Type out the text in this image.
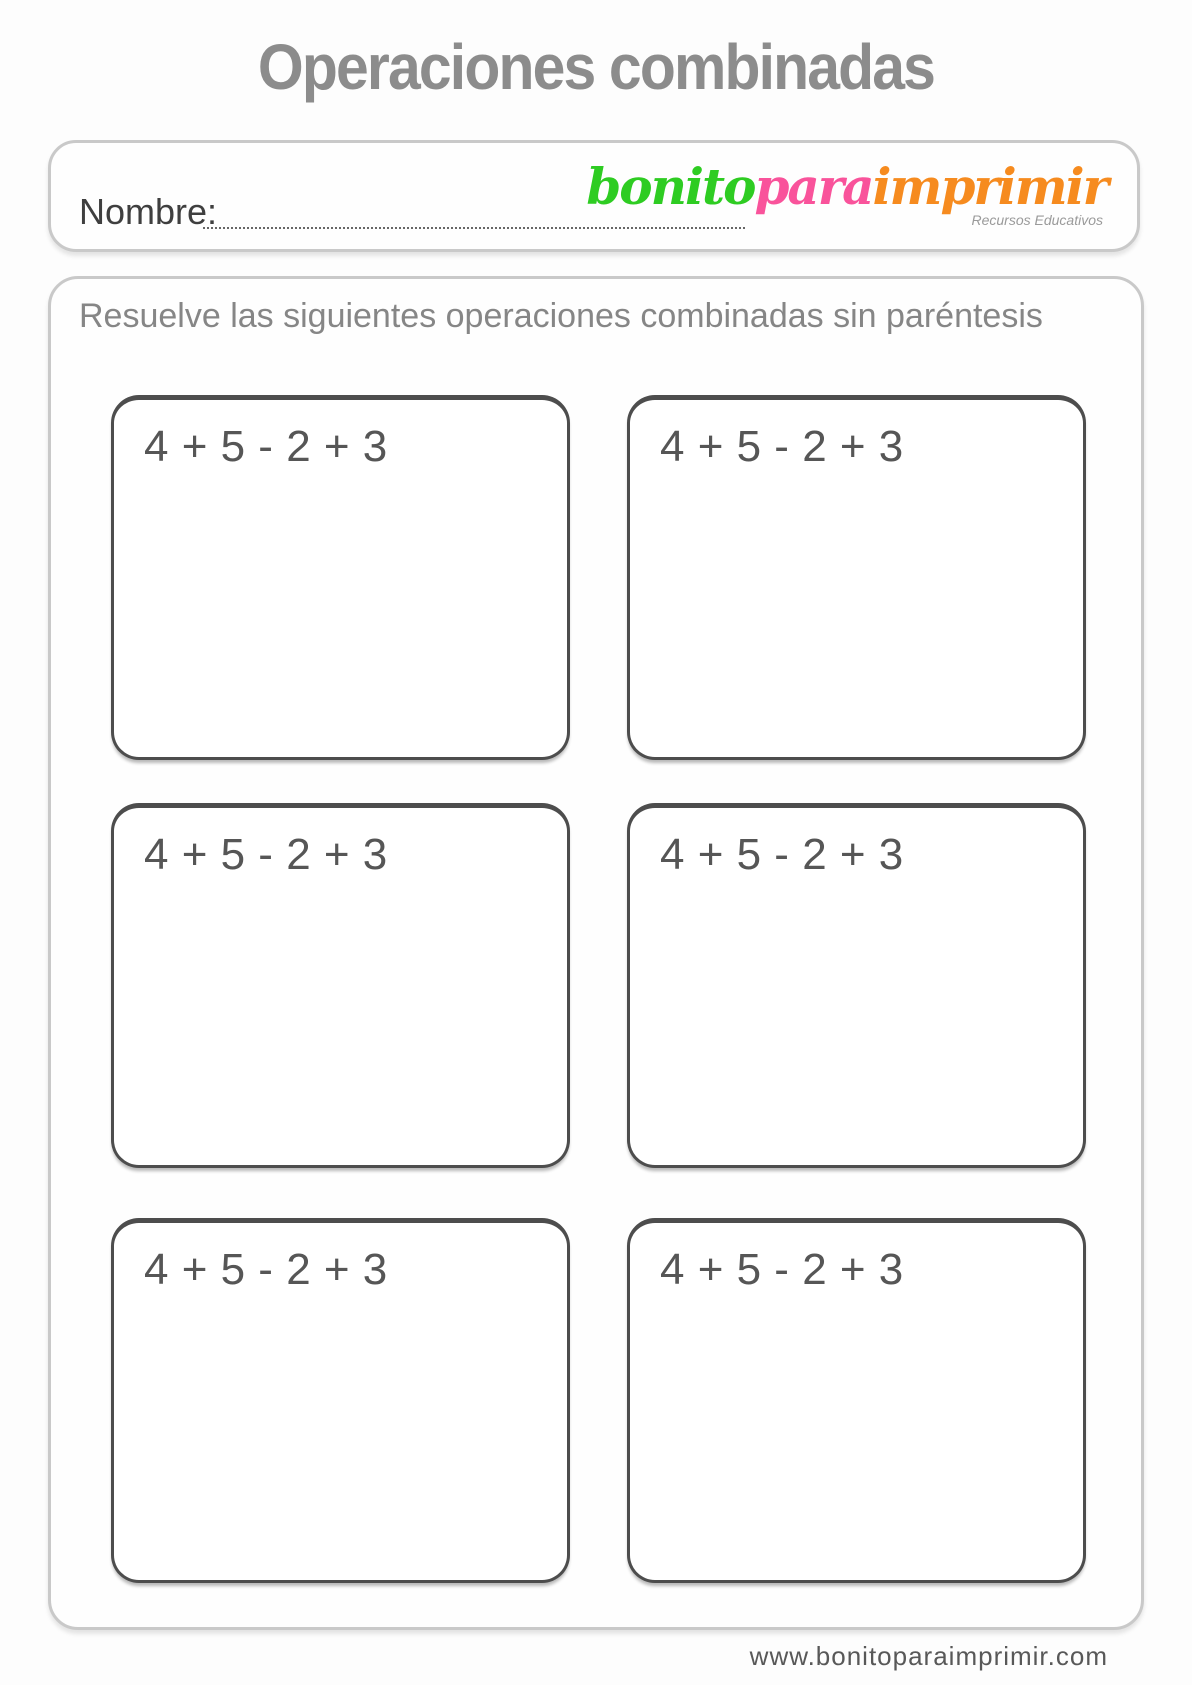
Operaciones combinadas
Nombre:	bonitoparaimprimir
Recursos Educativos
Resuelve las siguientes operaciones combinadas sin paréntesis
4 + 5 - 2 + 3	4 + 5 - 2 + 3
4 + 5 - 2 + 3	4 + 5 - 2 + 3
4 + 5 - 2 + 3	4 + 5 - 2 + 3
www.bonitoparaimprimir.com
